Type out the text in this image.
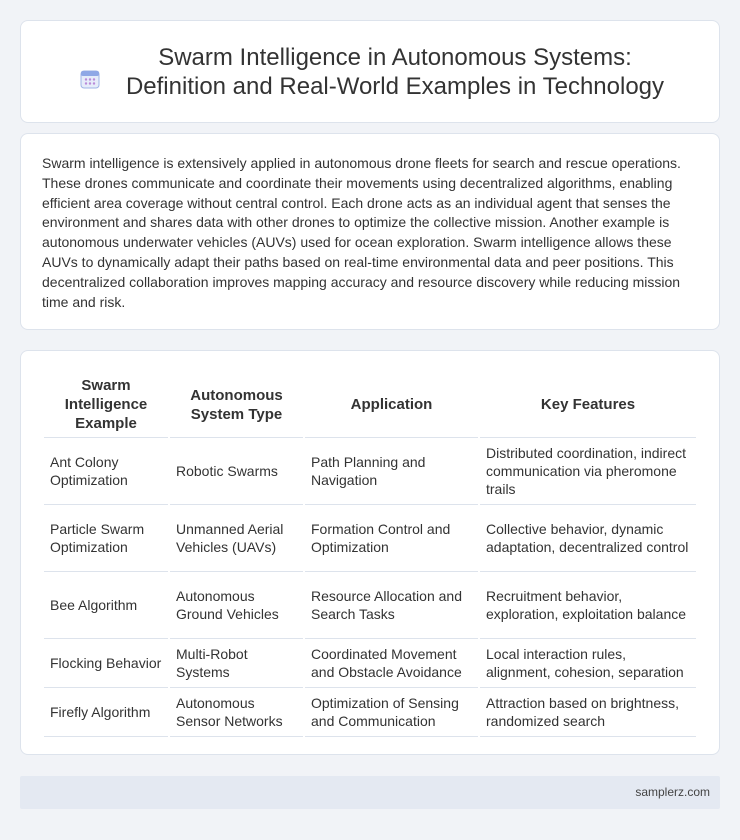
Swarm Intelligence in Autonomous Systems: Definition and Real-World Examples in Technology

Swarm intelligence is extensively applied in autonomous drone fleets for search and rescue operations. These drones communicate and coordinate their movements using decentralized algorithms, enabling efficient area coverage without central control. Each drone acts as an individual agent that senses the environment and shares data with other drones to optimize the collective mission. Another example is autonomous underwater vehicles (AUVs) used for ocean exploration. Swarm intelligence allows these AUVs to dynamically adapt their paths based on real-time environmental data and peer positions. This decentralized collaboration improves mapping accuracy and resource discovery while reducing mission time and risk.

Swarm Intelligence Example	Autonomous System Type	Application	Key Features
Ant Colony Optimization	Robotic Swarms	Path Planning and Navigation	Distributed coordination, indirect communication via pheromone trails
Particle Swarm Optimization	Unmanned Aerial Vehicles (UAVs)	Formation Control and Optimization	Collective behavior, dynamic adaptation, decentralized control
Bee Algorithm	Autonomous Ground Vehicles	Resource Allocation and Search Tasks	Recruitment behavior, exploration, exploitation balance
Flocking Behavior	Multi-Robot Systems	Coordinated Movement and Obstacle Avoidance	Local interaction rules, alignment, cohesion, separation
Firefly Algorithm	Autonomous Sensor Networks	Optimization of Sensing and Communication	Attraction based on brightness, randomized search
samplerz.com
